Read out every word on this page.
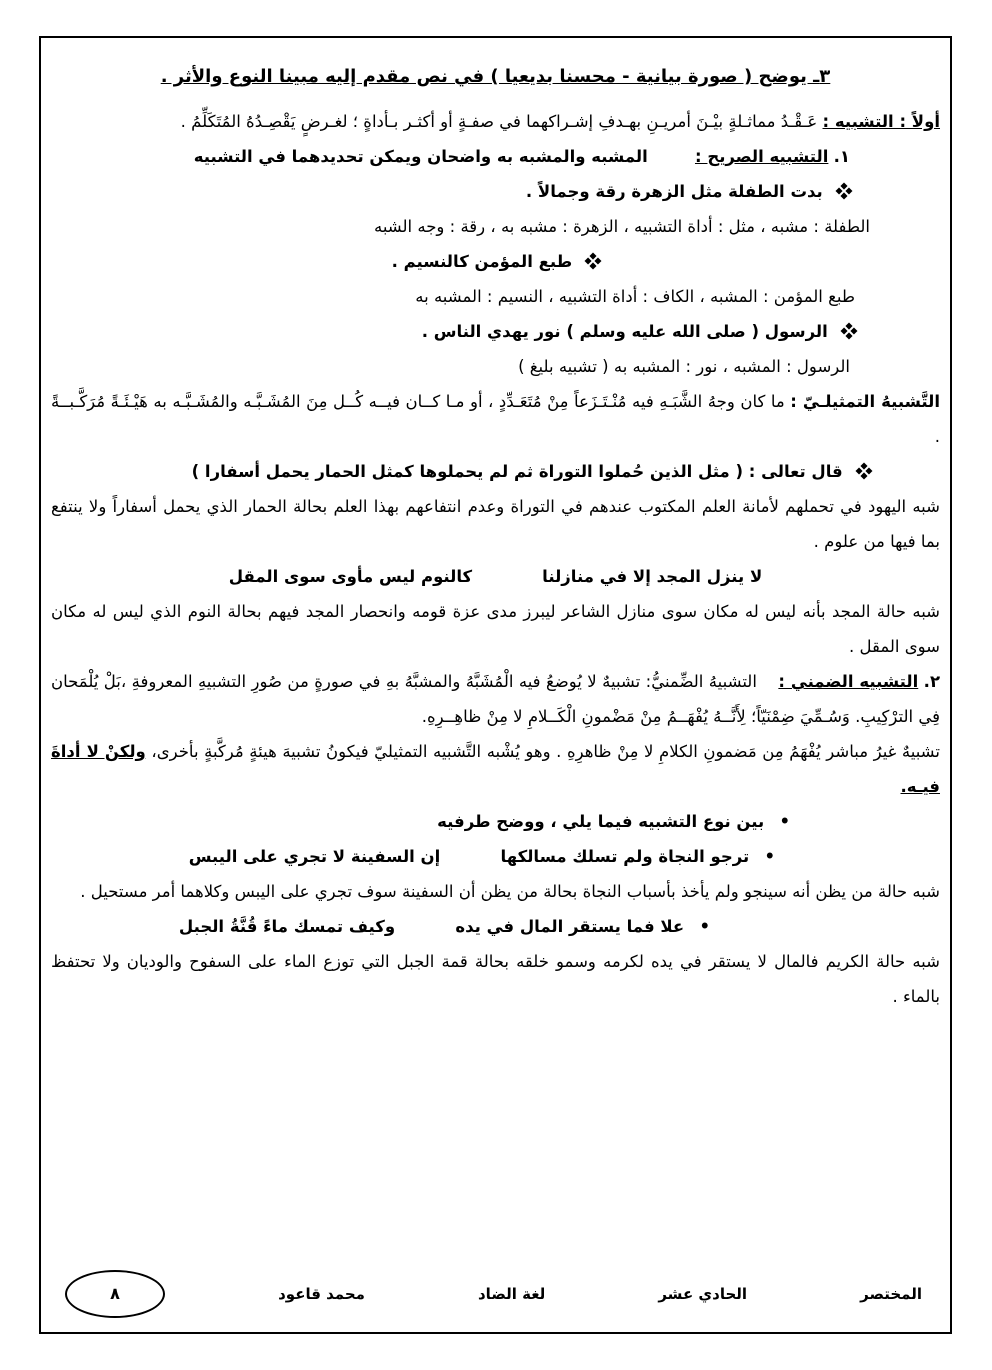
٣ـ يوضح ( صورة بيانية - محسنا بديعيا ) في نص مقدم إليه مبينا النوع والأثر .

أولاً : التشبيه : عَـقْـدُ مماثـلةٍ بيْـنَ أمريـنِ بهـدفِ إشـراكهما في صفـةٍ أو أكثـر بـأداةٍ ؛ لغـرضٍ يَقْصِـدُهُ المُتَكَلِّمُ .

١. التشبيه الصريح : المشبه والمشبه به واضحان ويمكن تحديدهما في التشبيه

بدت الطفلة مثل الزهرة رقة وجمالاً .

الطفلة : مشبه ، مثل : أداة التشبيه ، الزهرة : مشبه به ، رقة : وجه الشبه

طبع المؤمن كالنسيم .

طبع المؤمن : المشبه ، الكاف : أداة التشبيه ، النسيم : المشبه به

الرسول ( صلى الله عليه وسلم ) نور يهدي الناس .

الرسول : المشبه ، نور : المشبه به ( تشبيه بليغ )

التَّشبيهُ التمثيلـيّ : ما كان وجهُ الشَّبَـهِ فيه مُنْـتَـزَعاً مِنْ مُتَعَـدِّدٍ ، أو مـا كــان فيــه كُــل مِنَ المُشَـبَّـه والمُشَـبَّـه به هَيْـئَـةً مُرَكَّـبــةً .

قال تعالى : ( مثل الذين حُملوا التوراة ثم لم يحملوها كمثل الحمار يحمل أسفارا )

شبه اليهود في تحملهم لأمانة العلم المكتوب عندهم في التوراة وعدم انتفاعهم بهذا العلم بحالة الحمار الذي يحمل أسفاراً ولا ينتفع بما فيها من علوم .

لا ينزل المجد إلا في منازلنا
كالنوم ليس مأوى سوى المقل

شبه حالة المجد بأنه ليس له مكان سوى منازل الشاعر ليبرز مدى عزة قومه وانحصار المجد فيهم بحالة النوم الذي ليس له مكان سوى المقل .

٢. التشبيه الضمني : التشبيهُ الضِّمنيُّ: تشبيهٌ لا يُوضعُ فيه الْمُشَبَّهُ والمشبَّهُ بهِ في صورةٍ من صُورِ التشبيهِ المعروفةِ ،بَلْ يُلْمَحان فِي الترْكِيبِ. وَسُـمِّيَ ضِمْنَيّاً؛ لِأَنَّــهُ يُفْهَــمُ مِنْ مَضْمونِ الْكَــلامِ لا مِنْ ظاهِــرِهِ.

تشبيهٌ غيرُ مباشر يُفْهَمُ مِن مَضمونِ الكلامِ لا مِنْ ظاهرِهِ . وهو يُشْبه التَّشبيه التمثيليّ فيكونُ تشبيهَ هيئةٍ مُركَّبةٍ بأخرى، ولكنْ لا أداةَ فيـه.

• بين نوع التشبيه فيما يلي ، ووضح طرفيه

• ترجو النجاة ولم تسلك مسالكها إن السفينة لا تجري على اليبس

شبه حالة من يظن أنه سينجو ولم يأخذ بأسباب النجاة بحالة من يظن أن السفينة سوف تجري على اليبس وكلاهما أمر مستحيل .

• علا فما يستقر المال في يده وكيف تمسك ماءً قُنَّةُ الجبل

شبه حالة الكريم فالمال لا يستقر في يده لكرمه وسمو خلقه بحالة قمة الجبل التي توزع الماء على السفوح والوديان ولا تحتفظ بالماء .

المختصر
الحادي عشر
لغة الضاد
محمد قاعود
٨
